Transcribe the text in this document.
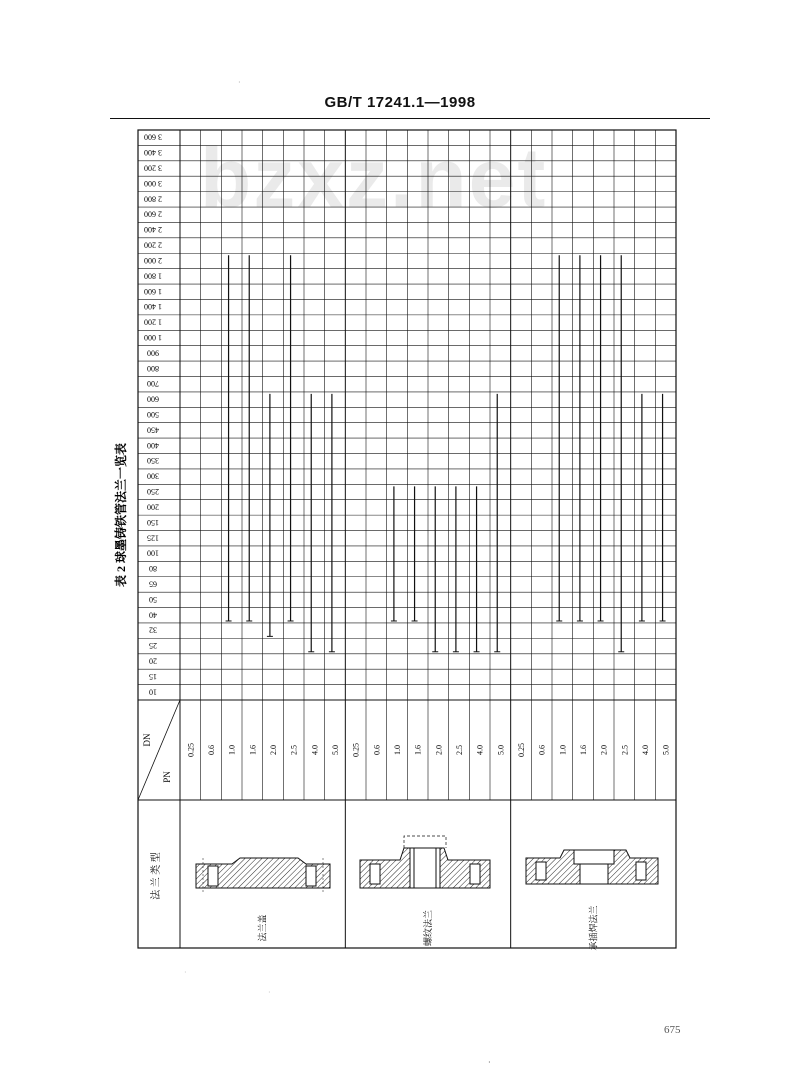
GB/T 17241.1—1998
bzxz.net
·
·
·
·
表 2 球墨铸铁管法兰一览表
10
15
20
25
32
40
50
65
80
100
125
150
200
250
300
350
400
450
500
600
700
800
900
1 000
1 200
1 400
1 600
1 800
2 000
2 200
2 400
2 600
2 800
3 000
3 200
3 400
3 600
0.25 0.6 1.0 1.6 2.0 2.5 4.0 5.0 0.25 0.6 1.0 1.6 2.0 2.5 4.0 5.0 0.25 0.6 1.0 1.6 2.0 2.5 4.0 5.0
法兰盖	螺纹法兰	承插焊法兰
DN
PN
法 兰 类 型
675
